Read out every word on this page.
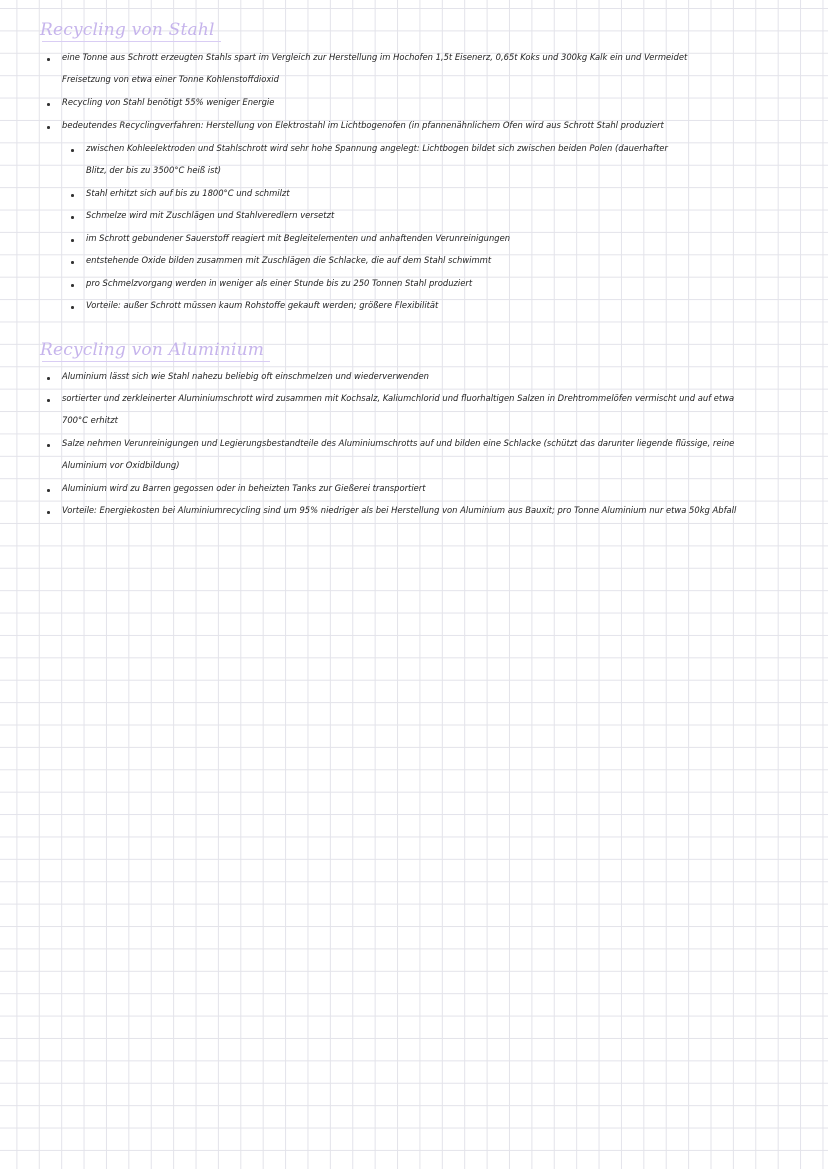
Recycling von Stahl
eine Tonne aus Schrott erzeugten Stahls spart im Vergleich zur Herstellung im Hochofen 1,5t Eisenerz, 0,65t Koks und 300kg Kalk ein und Vermeidet
Freisetzung von etwa einer Tonne Kohlenstoffdioxid
Recycling von Stahl benötigt 55% weniger Energie
bedeutendes Recyclingverfahren: Herstellung von Elektrostahl im Lichtbogenofen (in pfannenähnlichem Ofen wird aus Schrott Stahl produziert
zwischen Kohleelektroden und Stahlschrott wird sehr hohe Spannung angelegt: Lichtbogen bildet sich zwischen beiden Polen (dauerhafter
Blitz, der bis zu 3500°C heiß ist)
Stahl erhitzt sich auf bis zu 1800°C und schmilzt
Schmelze wird mit Zuschlägen und Stahlveredlern versetzt
im Schrott gebundener Sauerstoff reagiert mit Begleitelementen und anhaftenden Verunreinigungen
entstehende Oxide bilden zusammen mit Zuschlägen die Schlacke, die auf dem Stahl schwimmt
pro Schmelzvorgang werden in weniger als einer Stunde bis zu 250 Tonnen Stahl produziert
Vorteile: außer Schrott müssen kaum Rohstoffe gekauft werden; größere Flexibilität
Recycling von Aluminium
Aluminium lässt sich wie Stahl nahezu beliebig oft einschmelzen und wiederverwenden
sortierter und zerkleinerter Aluminiumschrott wird zusammen mit Kochsalz, Kaliumchlorid und fluorhaltigen Salzen in Drehtrommelöfen vermischt und auf etwa
700°C erhitzt
Salze nehmen Verunreinigungen und Legierungsbestandteile des Aluminiumschrotts auf und bilden eine Schlacke (schützt das darunter liegende flüssige, reine
Aluminium vor Oxidbildung)
Aluminium wird zu Barren gegossen oder in beheizten Tanks zur Gießerei transportiert
Vorteile: Energiekosten bei Aluminiumrecycling sind um 95% niedriger als bei Herstellung von Aluminium aus Bauxit; pro Tonne Aluminium nur etwa 50kg Abfall
